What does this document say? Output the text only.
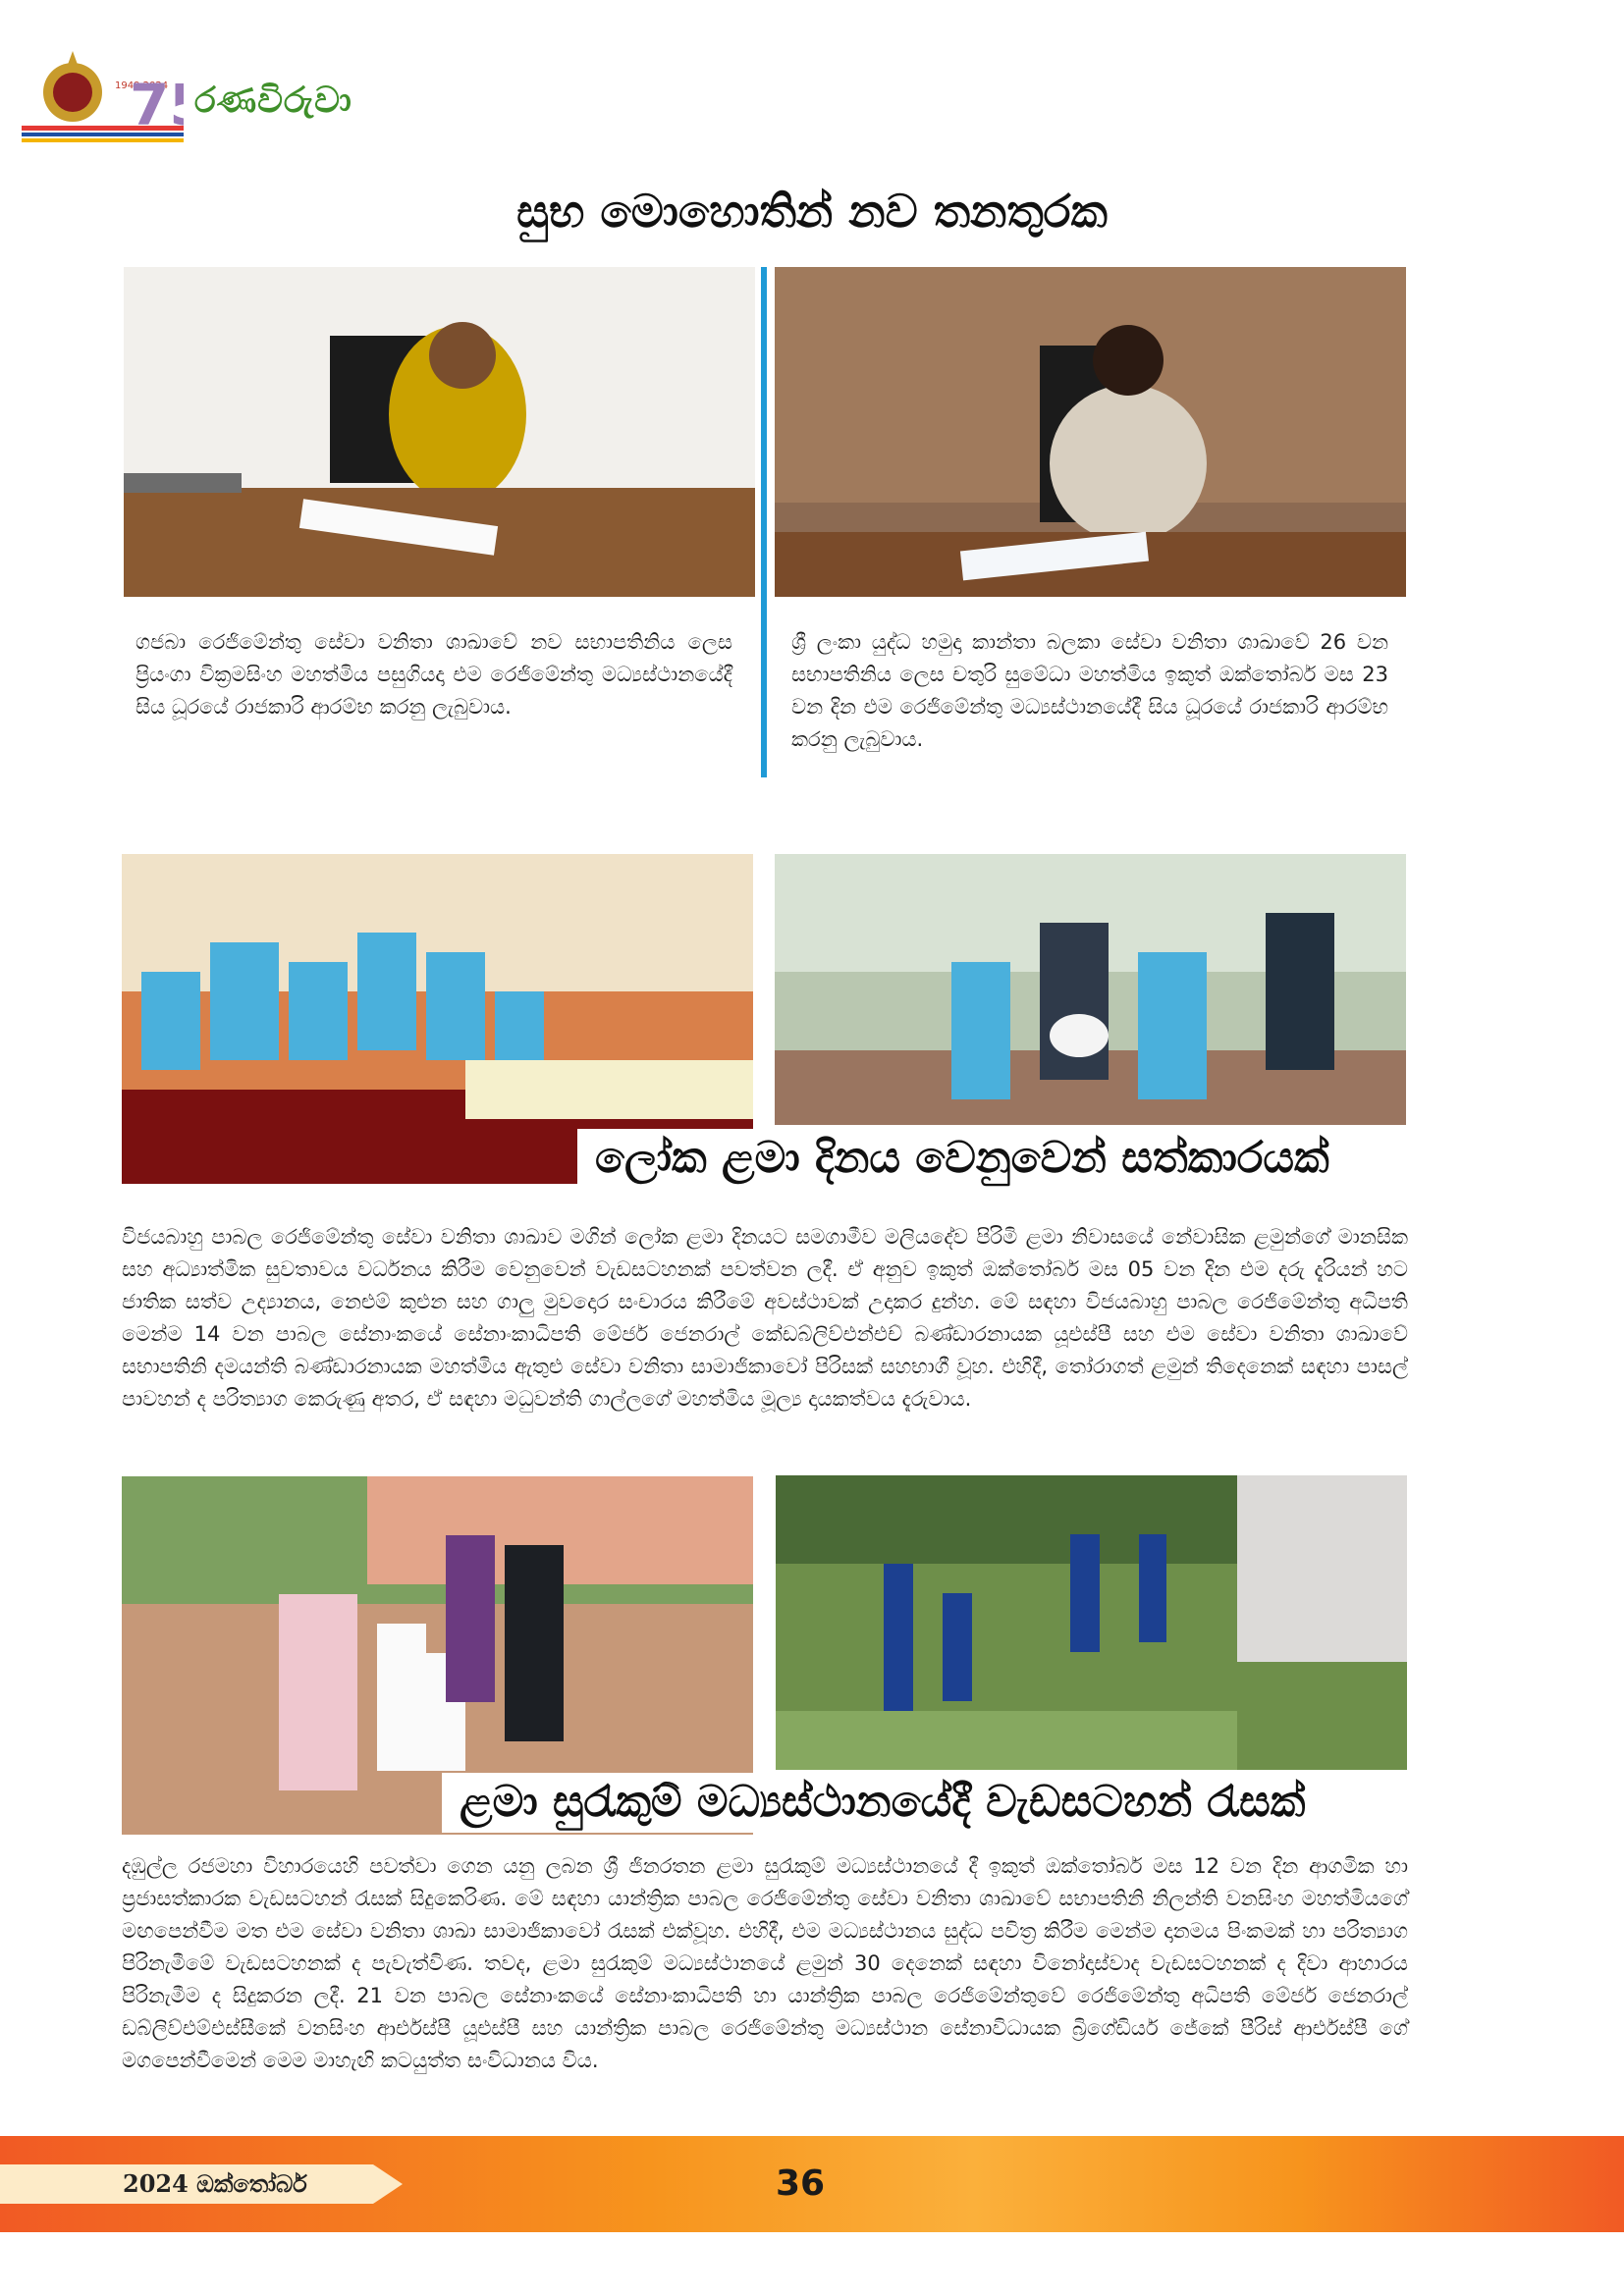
1949 2024
7 රණවිරුවා
සුභ මොහොතින් නව තනතුරක
ගජබා රෙජිමේන්තු සේවා වනිතා ශාඛාවේ නව සභාපතිනිය ලෙස ප්‍රියංගා වික්‍රමසිංහ මහත්මිය පසුගියදා එම රෙජිමේන්තු මධ්‍යස්ථානයේදී සිය ධූරයේ රාජකාරි ආරම්භ කරනු ලැබුවාය.
ශ්‍රී ලංකා යුද්ධ හමුදා කාන්තා බලකා සේවා වනිතා ශාඛාවේ 26 වන සභාපතිනිය ලෙස චතුරි සුමේධා මහත්මිය ඉකුත් ඔක්තෝබර් මස 23 වන දින එම රෙජිමේන්තු මධ්‍යස්ථානයේදී සිය ධූරයේ රාජකාරි ආරම්භ කරනු ලැබුවාය.
ලෝක ළමා දිනය වෙනුවෙන් සත්කාරයක්
විජයබාහු පාබල රෙජිමේන්තු සේවා වනිතා ශාඛාව මගින් ලෝක ළමා දිනයට සමගාමීව මලියදේව පිරිමි ළමා නිවාසයේ නේවාසික ළමුන්ගේ මානසික සහ අධ්‍යාත්මික සුවතාවය වර්ධනය කිරීම වෙනුවෙන් වැඩසටහනක් පවත්වන ලදී. ඒ අනුව ඉකුත් ඔක්තෝබර් මස 05 වන දින එම දරු දැරියන් හට ජාතික සත්ව උද්‍යානය, නෙළුම් කුළුන සහ ගාලු මුවදොර සංචාරය කිරීමේ අවස්ථාවක් උදාකර දුන්හ. මේ සඳහා විජයබාහු පාබල රෙජිමේන්තු අධිපති මෙන්ම 14 වන පාබල සේනාංකයේ සේනාංකාධිපති මේජර් ජෙනරාල් කේඩබ්ලිව්එන්එච් බණ්ඩාරනායක යූඑස්පී සහ එම සේවා වනිතා ශාඛාවේ සභාපතිනි දමයන්ති බණ්ඩාරනායක මහත්මිය ඇතුළු සේවා වනිතා සාමාජිකාවෝ පිරිසක් සහභාගී වූහ. එහිදී, තෝරාගත් ළමුන් තිදෙනෙක් සඳහා පාසල් පාවහන් ද පරිත්‍යාග කෙරුණු අතර, ඒ සඳහා මධුවන්ති ගාල්ලගේ මහත්මිය මූල්‍ය දායකත්වය දැරුවාය.
ළමා සුරැකුම් මධ්‍යස්ථානයේදී වැඩසටහන් රැසක්
දඹුල්ල රජමහා විහාරයෙහි පවත්වා ගෙන යනු ලබන ශ්‍රී ජිනරතන ළමා සුරැකුම් මධ්‍යස්ථානයේ දී ඉකුත් ඔක්තෝබර් මස 12 වන දින ආගමික හා ප්‍රජාසත්කාරක වැඩසටහන් රැසක් සිදුකෙරිණ. මේ සඳහා යාන්ත්‍රික පාබල රෙජිමේන්තු සේවා වනිතා ශාඛාවේ සභාපතිනි නිලන්ති වනසිංහ මහත්මියගේ මඟපෙන්වීම මත එම සේවා වනිතා ශාඛා සාමාජිකාවෝ රැසක් එක්වූහ. එහිදී, එම මධ්‍යස්ථානය සුද්ධ පවිත්‍ර කිරීම මෙන්ම දානමය පිංකමක් හා පරිත්‍යාග පිරිනැමීමේ වැඩසටහනක් ද පැවැත්විණ. තවද, ළමා සුරැකුම් මධ්‍යස්ථානයේ ළමුන් 30 දෙනෙක් සඳහා විනෝදාස්වාද වැඩසටහනක් ද දිවා ආහාරය පිරිනැමීම ද සිදුකරන ලදී. 21 වන පාබල සේනාංකයේ සේනාංකාධිපති හා යාන්ත්‍රික පාබල රෙජිමේන්තුවේ රෙජිමේන්තු අධිපති මේජර් ජෙනරාල් ඩබ්ලිව්එම්එස්සීකේ වනසිංහ ආර්එස්පී යූඑස්පී සහ යාන්ත්‍රික පාබල රෙජිමේන්තු මධ්‍යස්ථාන සේනාවිධායක බ්‍රිගේඩියර් ජේකේ පීරිස් ආර්එස්පී ගේ මගපෙන්වීමෙන් මෙම මාහැඟි කටයුත්ත සංවිධානය විය.
2024 ඔක්තෝබර්	36
